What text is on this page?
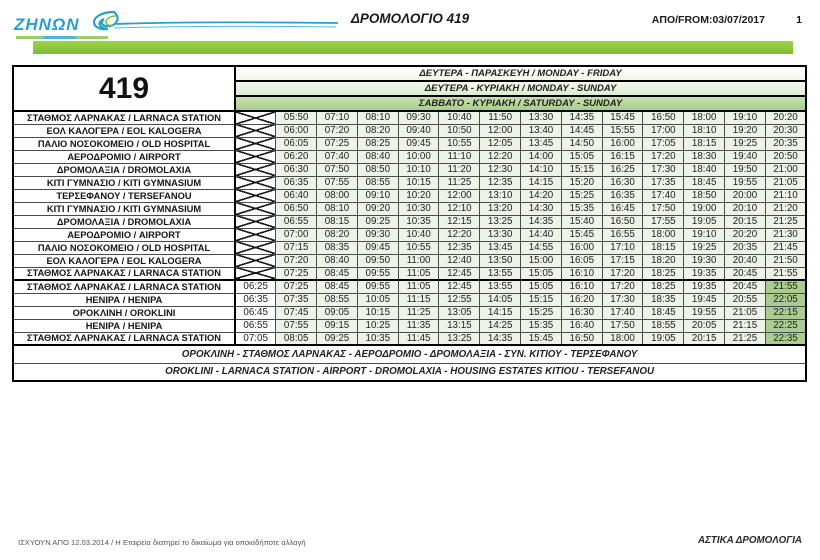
ZHNΩN	ΔΡΟΜΟΛΟΓΙΟ 419	ΑΠΟ/FROM:03/07/2017	1
419	ΔΕΥΤΕΡΑ - ΠΑΡΑΣΚΕΥΗ / MONDAY - FRIDAY													
	ΔΕΥΤΕΡΑ - ΚΥΡΙΑΚΗ / MONDAY - SUNDAY													
	ΣΑΒΒΑΤΟ - ΚΥΡΙΑΚΗ / SATURDAY - SUNDAY													
ΣΤΑΘΜΟΣ ΛΑΡΝΑΚΑΣ / LARNACA STATION		05:50	07:10	08:10	09:30	10:40	11:50	13:30	14:35	15:45	16:50	18:00	19:10	20:20
ΕΟΛ ΚΑΛΟΓΕΡΑ / EOL KALOGERA		06:00	07:20	08:20	09:40	10:50	12:00	13:40	14:45	15:55	17:00	18:10	19:20	20:30
ΠΑΛΙΟ ΝΟΣΟΚΟΜΕΙΟ / OLD HOSPITAL		06:05	07:25	08:25	09:45	10:55	12:05	13:45	14:50	16:00	17:05	18:15	19:25	20:35
ΑΕΡΟΔΡΟΜΙΟ / AIRPORT		06:20	07:40	08:40	10:00	11:10	12:20	14:00	15:05	16:15	17:20	18:30	19:40	20:50
ΔΡΟΜΟΛΑΞΙΑ / DROMOLAXIA		06:30	07:50	08:50	10:10	11:20	12:30	14:10	15:15	16:25	17:30	18:40	19:50	21:00
ΚΙΤΙ ΓΥΜΝΑΣΙΟ / KITI GYMNASIUM		06:35	07:55	08:55	10:15	11:25	12:35	14:15	15:20	16:30	17:35	18:45	19:55	21:05
ΤΕΡΣΕΦΑΝΟΥ / TERSEFANOU		06:40	08:00	09:10	10:20	12:00	13:10	14:20	15:25	16:35	17:40	18:50	20:00	21:10
ΚΙΤΙ ΓΥΜΝΑΣΙΟ / KITI GYMNASIUM		06:50	08:10	09:20	10:30	12:10	13:20	14:30	15:35	16:45	17:50	19:00	20:10	21:20
ΔΡΟΜΟΛΑΞΙΑ / DROMOLAXIA		06:55	08:15	09:25	10:35	12:15	13:25	14:35	15:40	16:50	17:55	19:05	20:15	21:25
ΑΕΡΟΔΡΟΜΙΟ / AIRPORT		07:00	08:20	09:30	10:40	12:20	13:30	14:40	15:45	16:55	18:00	19:10	20:20	21:30
ΠΑΛΙΟ ΝΟΣΟΚΟΜΕΙΟ / OLD HOSPITAL		07:15	08:35	09:45	10:55	12:35	13:45	14:55	16:00	17:10	18:15	19:25	20:35	21:45
ΕΟΛ ΚΑΛΟΓΕΡΑ / EOL KALOGERA		07:20	08:40	09:50	11:00	12:40	13:50	15:00	16:05	17:15	18:20	19:30	20:40	21:50
ΣΤΑΘΜΟΣ ΛΑΡΝΑΚΑΣ / LARNACA STATION		07:25	08:45	09:55	11:05	12:45	13:55	15:05	16:10	17:20	18:25	19:35	20:45	21:55
ΣΤΑΘΜΟΣ ΛΑΡΝΑΚΑΣ / LARNACA STATION	06:25	07:25	08:45	09:55	11:05	12:45	13:55	15:05	16:10	17:20	18:25	19:35	20:45	21:55
ΗΕΝΙΡΑ / HENIPA	06:35	07:35	08:55	10:05	11:15	12:55	14:05	15:15	16:20	17:30	18:35	19:45	20:55	22:05
ΟΡΟΚΛΙΝΗ / OROKLINI	06:45	07:45	09:05	10:15	11:25	13:05	14:15	15:25	16:30	17:40	18:45	19:55	21:05	22:15
ΗΕΝΙΡΑ / HENIPA	06:55	07:55	09:15	10:25	11:35	13:15	14:25	15:35	16:40	17:50	18:55	20:05	21:15	22:25
ΣΤΑΘΜΟΣ ΛΑΡΝΑΚΑΣ / LARNACA STATION	07:05	08:05	09:25	10:35	11:45	13:25	14:35	15:45	16:50	18:00	19:05	20:15	21:25	22:35
ΟΡΟΚΛΙΝΗ - ΣΤΑΘΜΟΣ ΛΑΡΝΑΚΑΣ - ΑΕΡΟΔΡΟΜΙΟ - ΔΡΟΜΟΛΑΞΙΑ - ΣΥΝ. ΚΙΤΙΟΥ - ΤΕΡΣΕΦΑΝΟΥ														
OROKLINI - LARNACA STATION - AIRPORT - DROMOLAXIA - HOUSING ESTATES KITIOU - TERSEFANOU														
ΙΣΧΥΟΥΝ ΑΠΟ 12.03.2014 / Η Εταιρεία διατηρεί το δικαίωμα για οποιαδήποτε αλλαγή	ΑΣΤΙΚΑ ΔΡΟΜΟΛΟΓΙΑ
